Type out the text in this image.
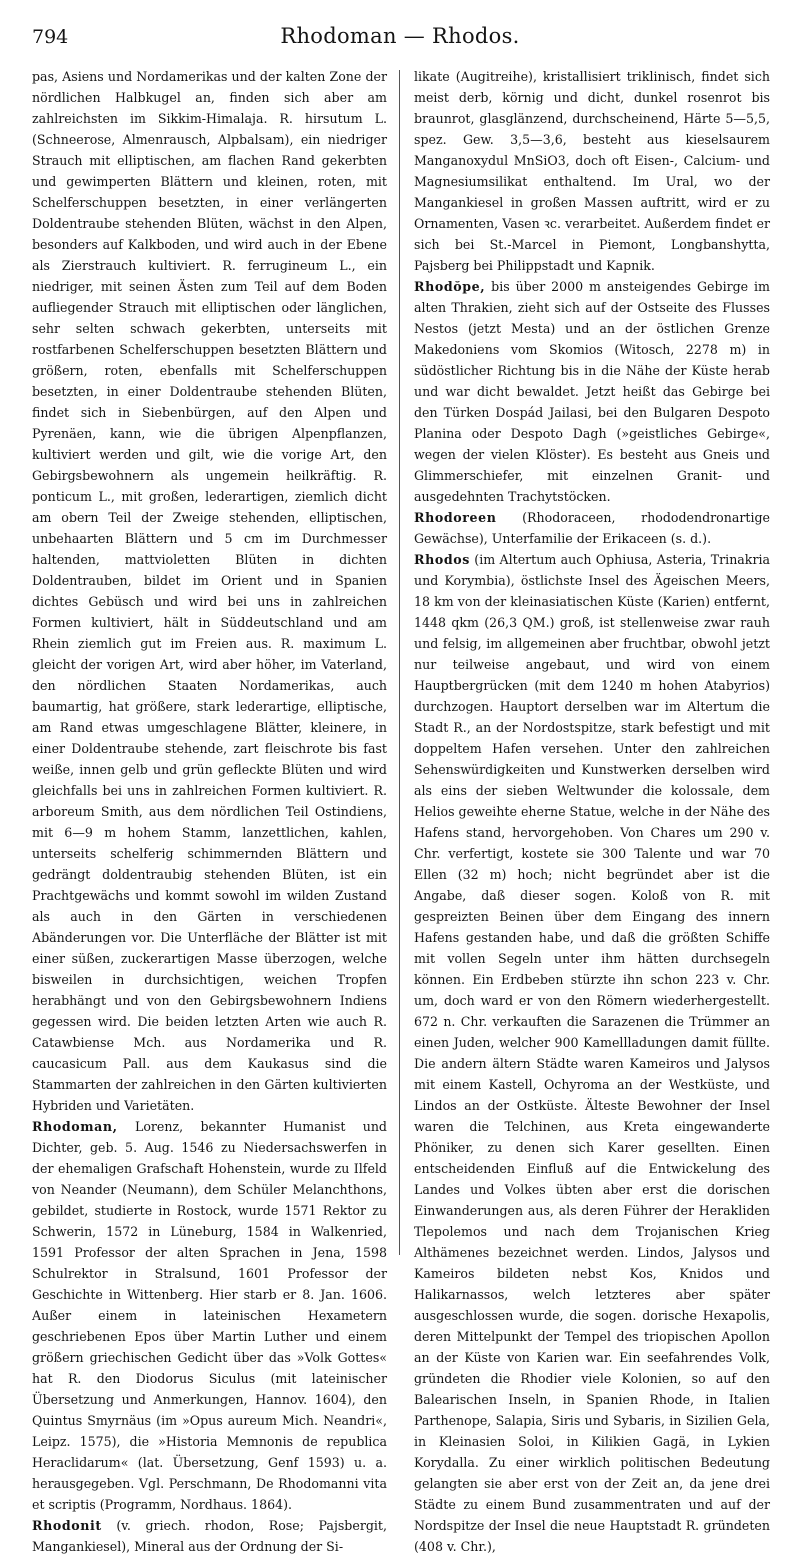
794	Rhodoman — Rhodos.

pas, Asiens und Nordamerikas und der kalten Zone der nördlichen Halbkugel an, finden sich aber am zahlreichsten im Sikkim-Himalaja. R. hirsutum L. (Schneerose, Almenrausch, Alpbalsam), ein niedriger Strauch mit elliptischen, am flachen Rand gekerbten und gewimperten Blättern und kleinen, roten, mit Schelferschuppen besetzten, in einer verlängerten Doldentraube stehenden Blüten, wächst in den Alpen, besonders auf Kalkboden, und wird auch in der Ebene als Zierstrauch kultiviert. R. ferrugineum L., ein niedriger, mit seinen Ästen zum Teil auf dem Boden aufliegender Strauch mit elliptischen oder länglichen, sehr selten schwach gekerbten, unterseits mit rostfarbenen Schelferschuppen besetzten Blättern und größern, roten, ebenfalls mit Schelferschuppen besetzten, in einer Doldentraube stehenden Blüten, findet sich in Siebenbürgen, auf den Alpen und Pyrenäen, kann, wie die übrigen Alpenpflanzen, kultiviert werden und gilt, wie die vorige Art, den Gebirgsbewohnern als ungemein heilkräftig. R. ponticum L., mit großen, lederartigen, ziemlich dicht am obern Teil der Zweige stehenden, elliptischen, unbehaarten Blättern und 5 cm im Durchmesser haltenden, mattvioletten Blüten in dichten Doldentrauben, bildet im Orient und in Spanien dichtes Gebüsch und wird bei uns in zahlreichen Formen kultiviert, hält in Süddeutschland und am Rhein ziemlich gut im Freien aus. R. maximum L. gleicht der vorigen Art, wird aber höher, im Vaterland, den nördlichen Staaten Nordamerikas, auch baumartig, hat größere, stark lederartige, elliptische, am Rand etwas umgeschlagene Blätter, kleinere, in einer Doldentraube stehende, zart fleischrote bis fast weiße, innen gelb und grün gefleckte Blüten und wird gleichfalls bei uns in zahlreichen Formen kultiviert. R. arboreum Smith, aus dem nördlichen Teil Ostindiens, mit 6—9 m hohem Stamm, lanzettlichen, kahlen, unterseits schelferig schimmernden Blättern und gedrängt doldentraubig stehenden Blüten, ist ein Prachtgewächs und kommt sowohl im wilden Zustand als auch in den Gärten in verschiedenen Abänderungen vor. Die Unterfläche der Blätter ist mit einer süßen, zuckerartigen Masse überzogen, welche bisweilen in durchsichtigen, weichen Tropfen herabhängt und von den Gebirgsbewohnern Indiens gegessen wird. Die beiden letzten Arten wie auch R. Catawbiense Mch. aus Nordamerika und R. caucasicum Pall. aus dem Kaukasus sind die Stammarten der zahlreichen in den Gärten kultivierten Hybriden und Varietäten.

Rhodoman, Lorenz, bekannter Humanist und Dichter, geb. 5. Aug. 1546 zu Niedersachswerfen in der ehemaligen Grafschaft Hohenstein, wurde zu Ilfeld von Neander (Neumann), dem Schüler Melanchthons, gebildet, studierte in Rostock, wurde 1571 Rektor zu Schwerin, 1572 in Lüneburg, 1584 in Walkenried, 1591 Professor der alten Sprachen in Jena, 1598 Schulrektor in Stralsund, 1601 Professor der Geschichte in Wittenberg. Hier starb er 8. Jan. 1606. Außer einem in lateinischen Hexametern geschriebenen Epos über Martin Luther und einem größern griechischen Gedicht über das »Volk Gottes« hat R. den Diodorus Siculus (mit lateinischer Übersetzung und Anmerkungen, Hannov. 1604), den Quintus Smyrnäus (im »Opus aureum Mich. Neandri«, Leipz. 1575), die »Historia Memnonis de republica Heraclidarum« (lat. Übersetzung, Genf 1593) u. a. herausgegeben. Vgl. Perschmann, De Rhodomanni vita et scriptis (Programm, Nordhaus. 1864).

Rhodonit (v. griech. rhodon, Rose; Pajsbergit, Mangankiesel), Mineral aus der Ordnung der Si-

likate (Augitreihe), kristallisiert triklinisch, findet sich meist derb, körnig und dicht, dunkel rosenrot bis braunrot, glasglänzend, durchscheinend, Härte 5—5,5, spez. Gew. 3,5—3,6, besteht aus kieselsaurem Manganoxydul MnSiO3, doch oft Eisen-, Calcium- und Magnesiumsilikat enthaltend. Im Ural, wo der Mangankiesel in großen Massen auftritt, wird er zu Ornamenten, Vasen ꝛc. verarbeitet. Außerdem findet er sich bei St.-Marcel in Piemont, Longbanshytta, Pajsberg bei Philippstadt und Kapnik.

Rhodŏpe, bis über 2000 m ansteigendes Gebirge im alten Thrakien, zieht sich auf der Ostseite des Flusses Nestos (jetzt Mesta) und an der östlichen Grenze Makedoniens vom Skomios (Witosch, 2278 m) in südöstlicher Richtung bis in die Nähe der Küste herab und war dicht bewaldet. Jetzt heißt das Gebirge bei den Türken Dospád Jailasi, bei den Bulgaren Despoto Planina oder Despoto Dagh (»geistliches Gebirge«, wegen der vielen Klöster). Es besteht aus Gneis und Glimmerschiefer, mit einzelnen Granit- und ausgedehnten Trachytstöcken.

Rhodoreen (Rhodoraceen, rhododendronartige Gewächse), Unterfamilie der Erikaceen (s. d.).

Rhodos (im Altertum auch Ophiusa, Asteria, Trinakria und Korymbia), östlichste Insel des Ägeischen Meers, 18 km von der kleinasiatischen Küste (Karien) entfernt, 1448 qkm (26,3 QM.) groß, ist stellenweise zwar rauh und felsig, im allgemeinen aber fruchtbar, obwohl jetzt nur teilweise angebaut, und wird von einem Hauptbergrücken (mit dem 1240 m hohen Atabyrios) durchzogen. Hauptort derselben war im Altertum die Stadt R., an der Nordostspitze, stark befestigt und mit doppeltem Hafen versehen. Unter den zahlreichen Sehenswürdigkeiten und Kunstwerken derselben wird als eins der sieben Weltwunder die kolossale, dem Helios geweihte eherne Statue, welche in der Nähe des Hafens stand, hervorgehoben. Von Chares um 290 v. Chr. verfertigt, kostete sie 300 Talente und war 70 Ellen (32 m) hoch; nicht begründet aber ist die Angabe, daß dieser sogen. Koloß von R. mit gespreizten Beinen über dem Eingang des innern Hafens gestanden habe, und daß die größten Schiffe mit vollen Segeln unter ihm hätten durchsegeln können. Ein Erdbeben stürzte ihn schon 223 v. Chr. um, doch ward er von den Römern wiederhergestellt. 672 n. Chr. verkauften die Sarazenen die Trümmer an einen Juden, welcher 900 Kamellladungen damit füllte. Die andern ältern Städte waren Kameiros und Jalysos mit einem Kastell, Ochyroma an der Westküste, und Lindos an der Ostküste. Älteste Bewohner der Insel waren die Telchinen, aus Kreta eingewanderte Phöniker, zu denen sich Karer gesellten. Einen entscheidenden Einfluß auf die Entwickelung des Landes und Volkes übten aber erst die dorischen Einwanderungen aus, als deren Führer der Herakliden Tlepolemos und nach dem Trojanischen Krieg Althämenes bezeichnet werden. Lindos, Jalysos und Kameiros bildeten nebst Kos, Knidos und Halikarnassos, welch letzteres aber später ausgeschlossen wurde, die sogen. dorische Hexapolis, deren Mittelpunkt der Tempel des triopischen Apollon an der Küste von Karien war. Ein seefahrendes Volk, gründeten die Rhodier viele Kolonien, so auf den Balearischen Inseln, in Spanien Rhode, in Italien Parthenope, Salapia, Siris und Sybaris, in Sizilien Gela, in Kleinasien Soloi, in Kilikien Gagä, in Lykien Korydalla. Zu einer wirklich politischen Bedeutung gelangten sie aber erst von der Zeit an, da jene drei Städte zu einem Bund zusammentraten und auf der Nordspitze der Insel die neue Hauptstadt R. gründeten (408 v. Chr.),
